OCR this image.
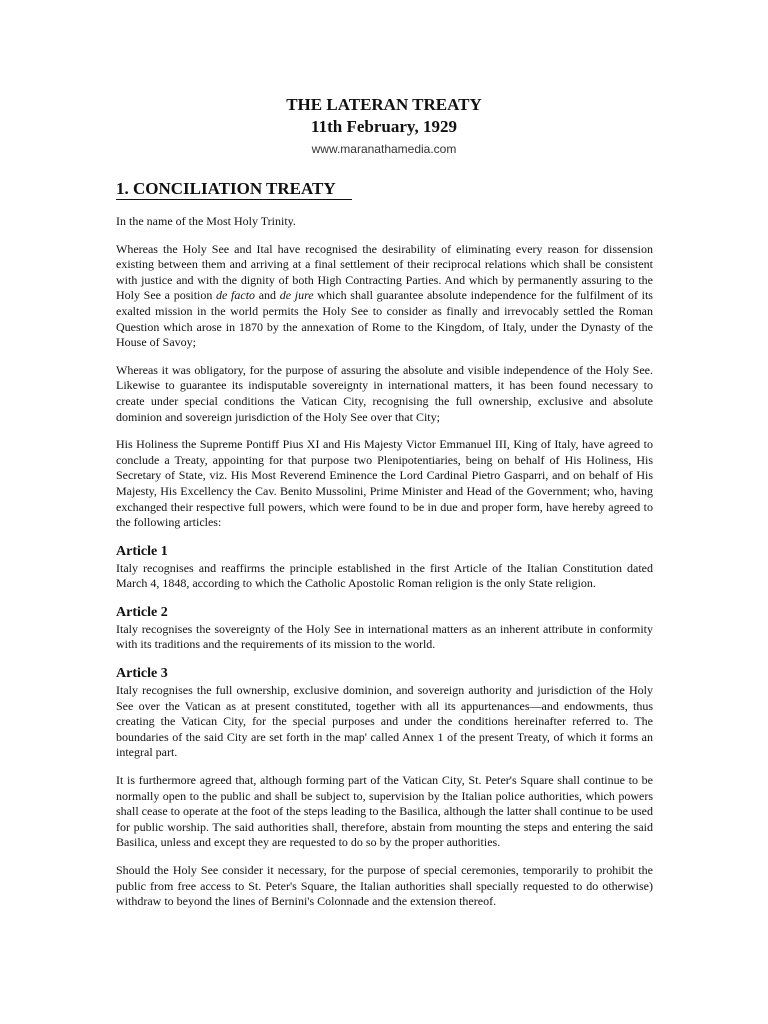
THE LATERAN TREATY
11th February, 1929
www.maranathamedia.com
1. CONCILIATION TREATY

In the name of the Most Holy Trinity.

Whereas the Holy See and Ital have recognised the desirability of eliminating every reason for dissension existing between them and arriving at a final settlement of their reciprocal relations which shall be consistent with justice and with the dignity of both High Contracting Parties. And which by permanently assuring to the Holy See a position de facto and de jure which shall guarantee absolute independence for the fulfilment of its exalted mission in the world permits the Holy See to consider as finally and irrevocably settled the Roman Question which arose in 1870 by the annexation of Rome to the Kingdom, of Italy, under the Dynasty of the House of Savoy;

Whereas it was obligatory, for the purpose of assuring the absolute and visible independence of the Holy See. Likewise to guarantee its indisputable sovereignty in international matters, it has been found necessary to create under special conditions the Vatican City, recognising the full ownership, exclusive and absolute dominion and sovereign jurisdiction of the Holy See over that City;

His Holiness the Supreme Pontiff Pius XI and His Majesty Victor Emmanuel III, King of Italy, have agreed to conclude a Treaty, appointing for that purpose two Plenipotentiaries, being on behalf of His Holiness, His Secretary of State, viz. His Most Reverend Eminence the Lord Cardinal Pietro Gasparri, and on behalf of His Majesty, His Excellency the Cav. Benito Mussolini, Prime Minister and Head of the Government; who, having exchanged their respective full powers, which were found to be in due and proper form, have hereby agreed to the following articles:

Article 1

Italy recognises and reaffirms the principle established in the first Article of the Italian Constitution dated March 4, 1848, according to which the Catholic Apostolic Roman religion is the only State religion.

Article 2

Italy recognises the sovereignty of the Holy See in international matters as an inherent attribute in conformity with its traditions and the requirements of its mission to the world.

Article 3

Italy recognises the full ownership, exclusive dominion, and sovereign authority and jurisdiction of the Holy See over the Vatican as at present constituted, together with all its appurtenances—and endowments, thus creating the Vatican City, for the special purposes and under the conditions hereinafter referred to. The boundaries of the said City are set forth in the map' called Annex 1 of the present Treaty, of which it forms an integral part.

It is furthermore agreed that, although forming part of the Vatican City, St. Peter's Square shall continue to be normally open to the public and shall be subject to, supervision by the Italian police authorities, which powers shall cease to operate at the foot of the steps leading to the Basilica, although the latter shall continue to be used for public worship. The said authorities shall, therefore, abstain from mounting the steps and entering the said Basilica, unless and except they are requested to do so by the proper authorities.

Should the Holy See consider it necessary, for the purpose of special ceremonies, temporarily to prohibit the public from free access to St. Peter's Square, the Italian authorities shall specially requested to do otherwise) withdraw to beyond the lines of Bernini's Colonnade and the extension thereof.
